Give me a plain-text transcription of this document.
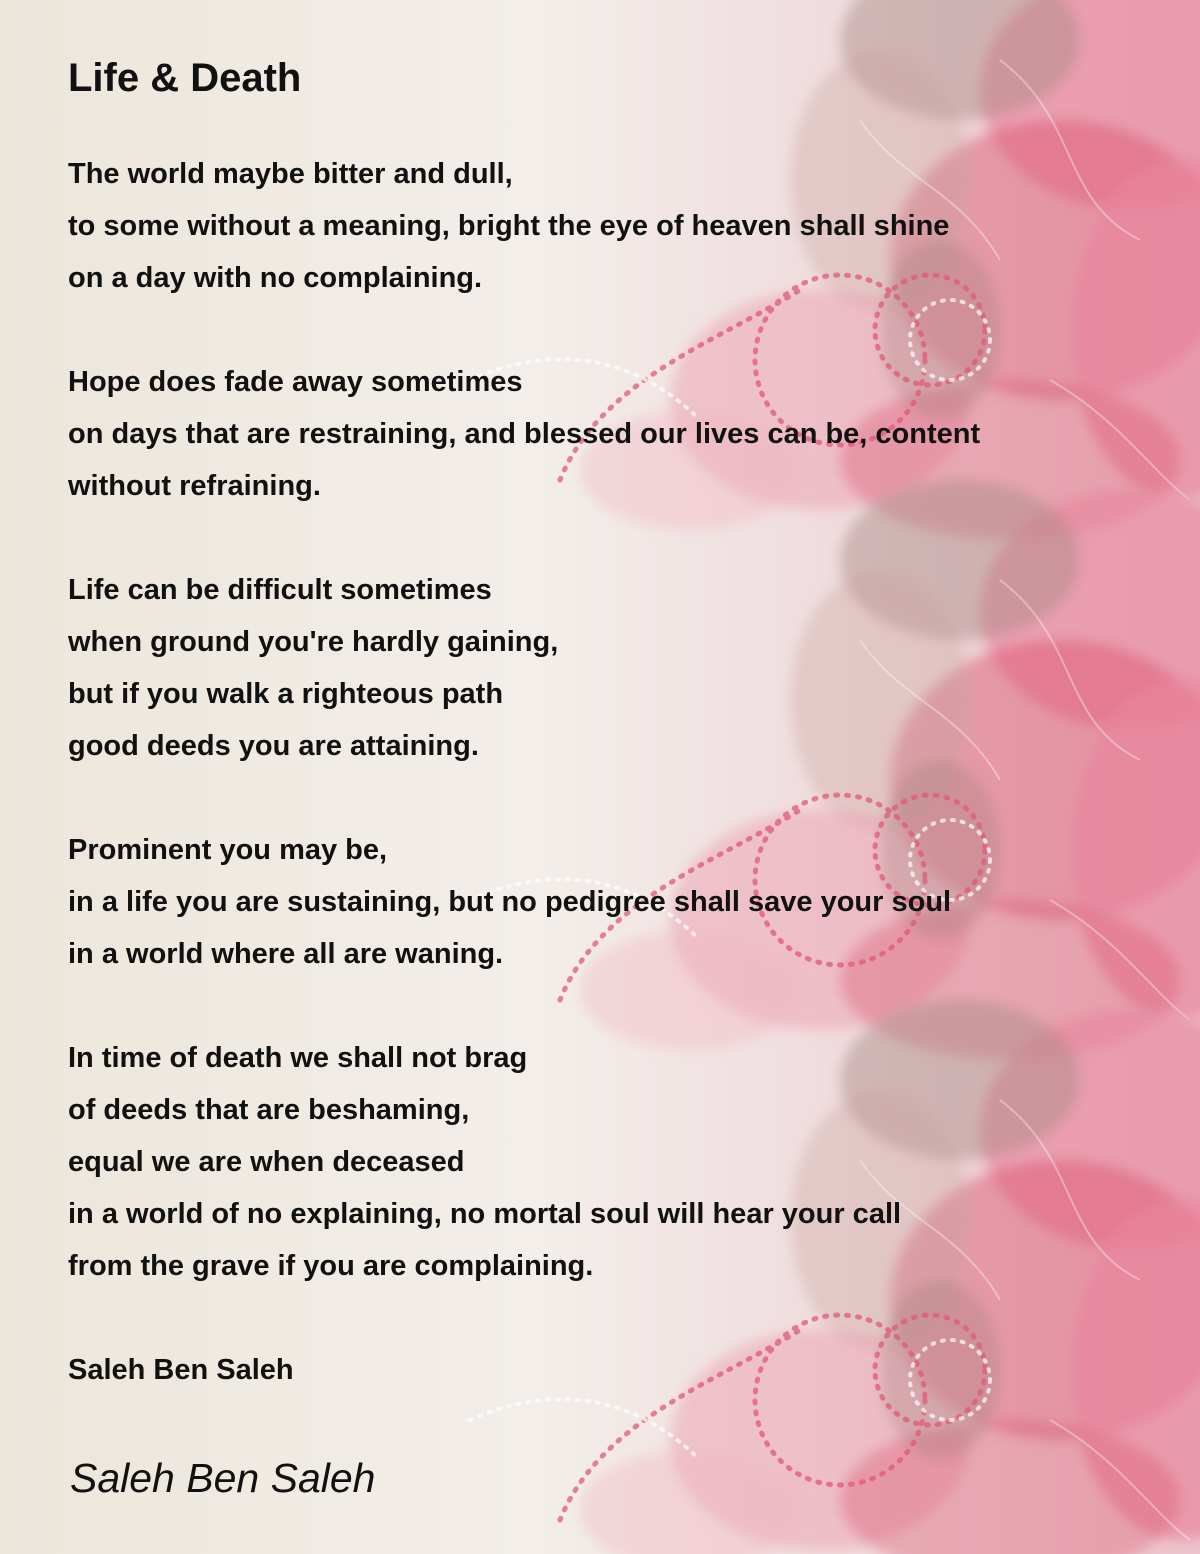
Life & Death
The world maybe bitter and dull,
to some without a meaning, bright the eye of heaven shall shine
on a day with no complaining.
Hope does fade away sometimes
on days that are restraining, and blessed our lives can be, content
without refraining.
Life can be difficult sometimes
when ground you're hardly gaining,
but if you walk a righteous path
good deeds you are attaining.
Prominent you may be,
in a life you are sustaining, but no pedigree shall save your soul
in a world where all are waning.
In time of death we shall not brag
of deeds that are beshaming,
equal we are when deceased
in a world of no explaining, no mortal soul will hear your call
from the grave if you are complaining.
Saleh Ben Saleh
Saleh Ben Saleh
